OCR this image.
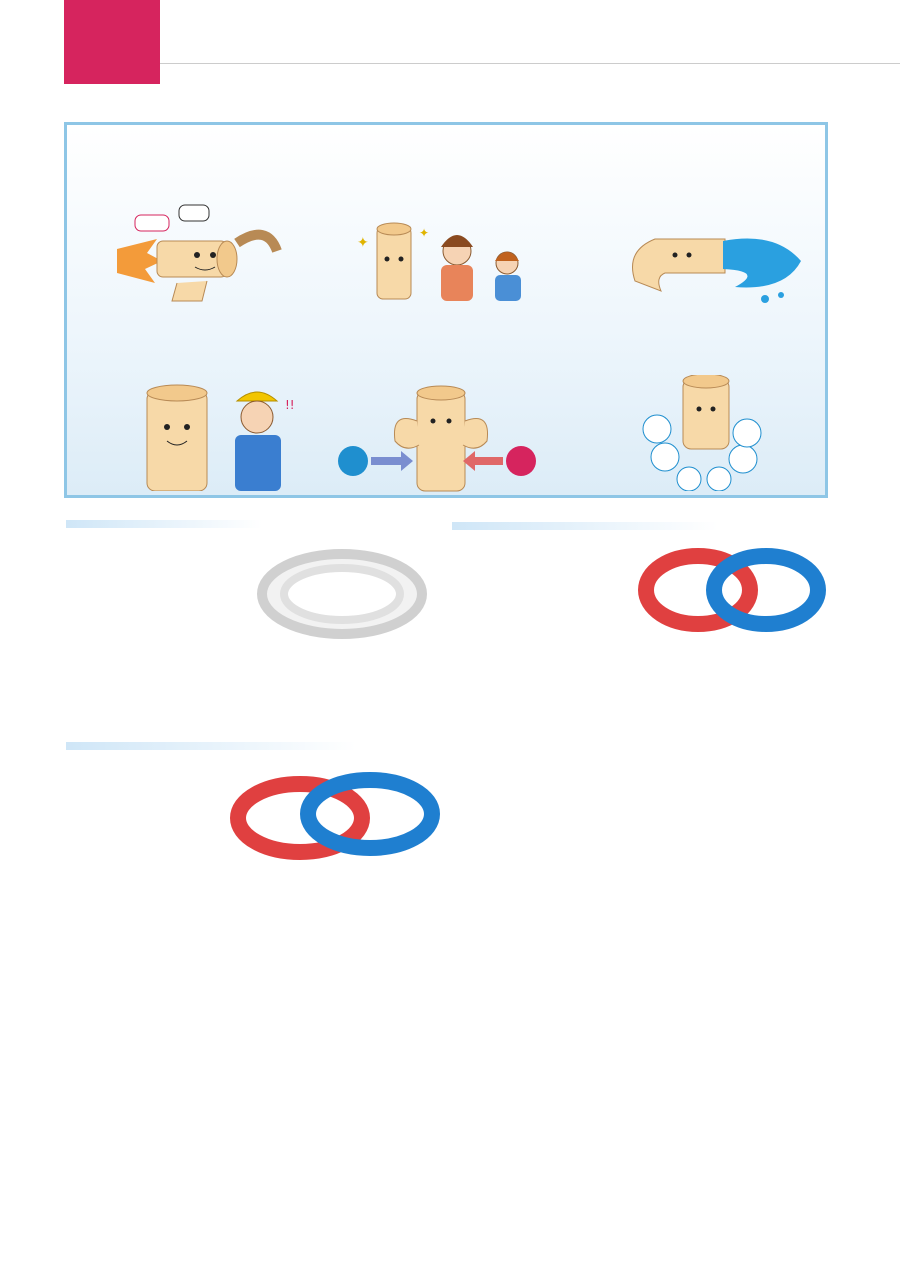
✦
✦
!!
